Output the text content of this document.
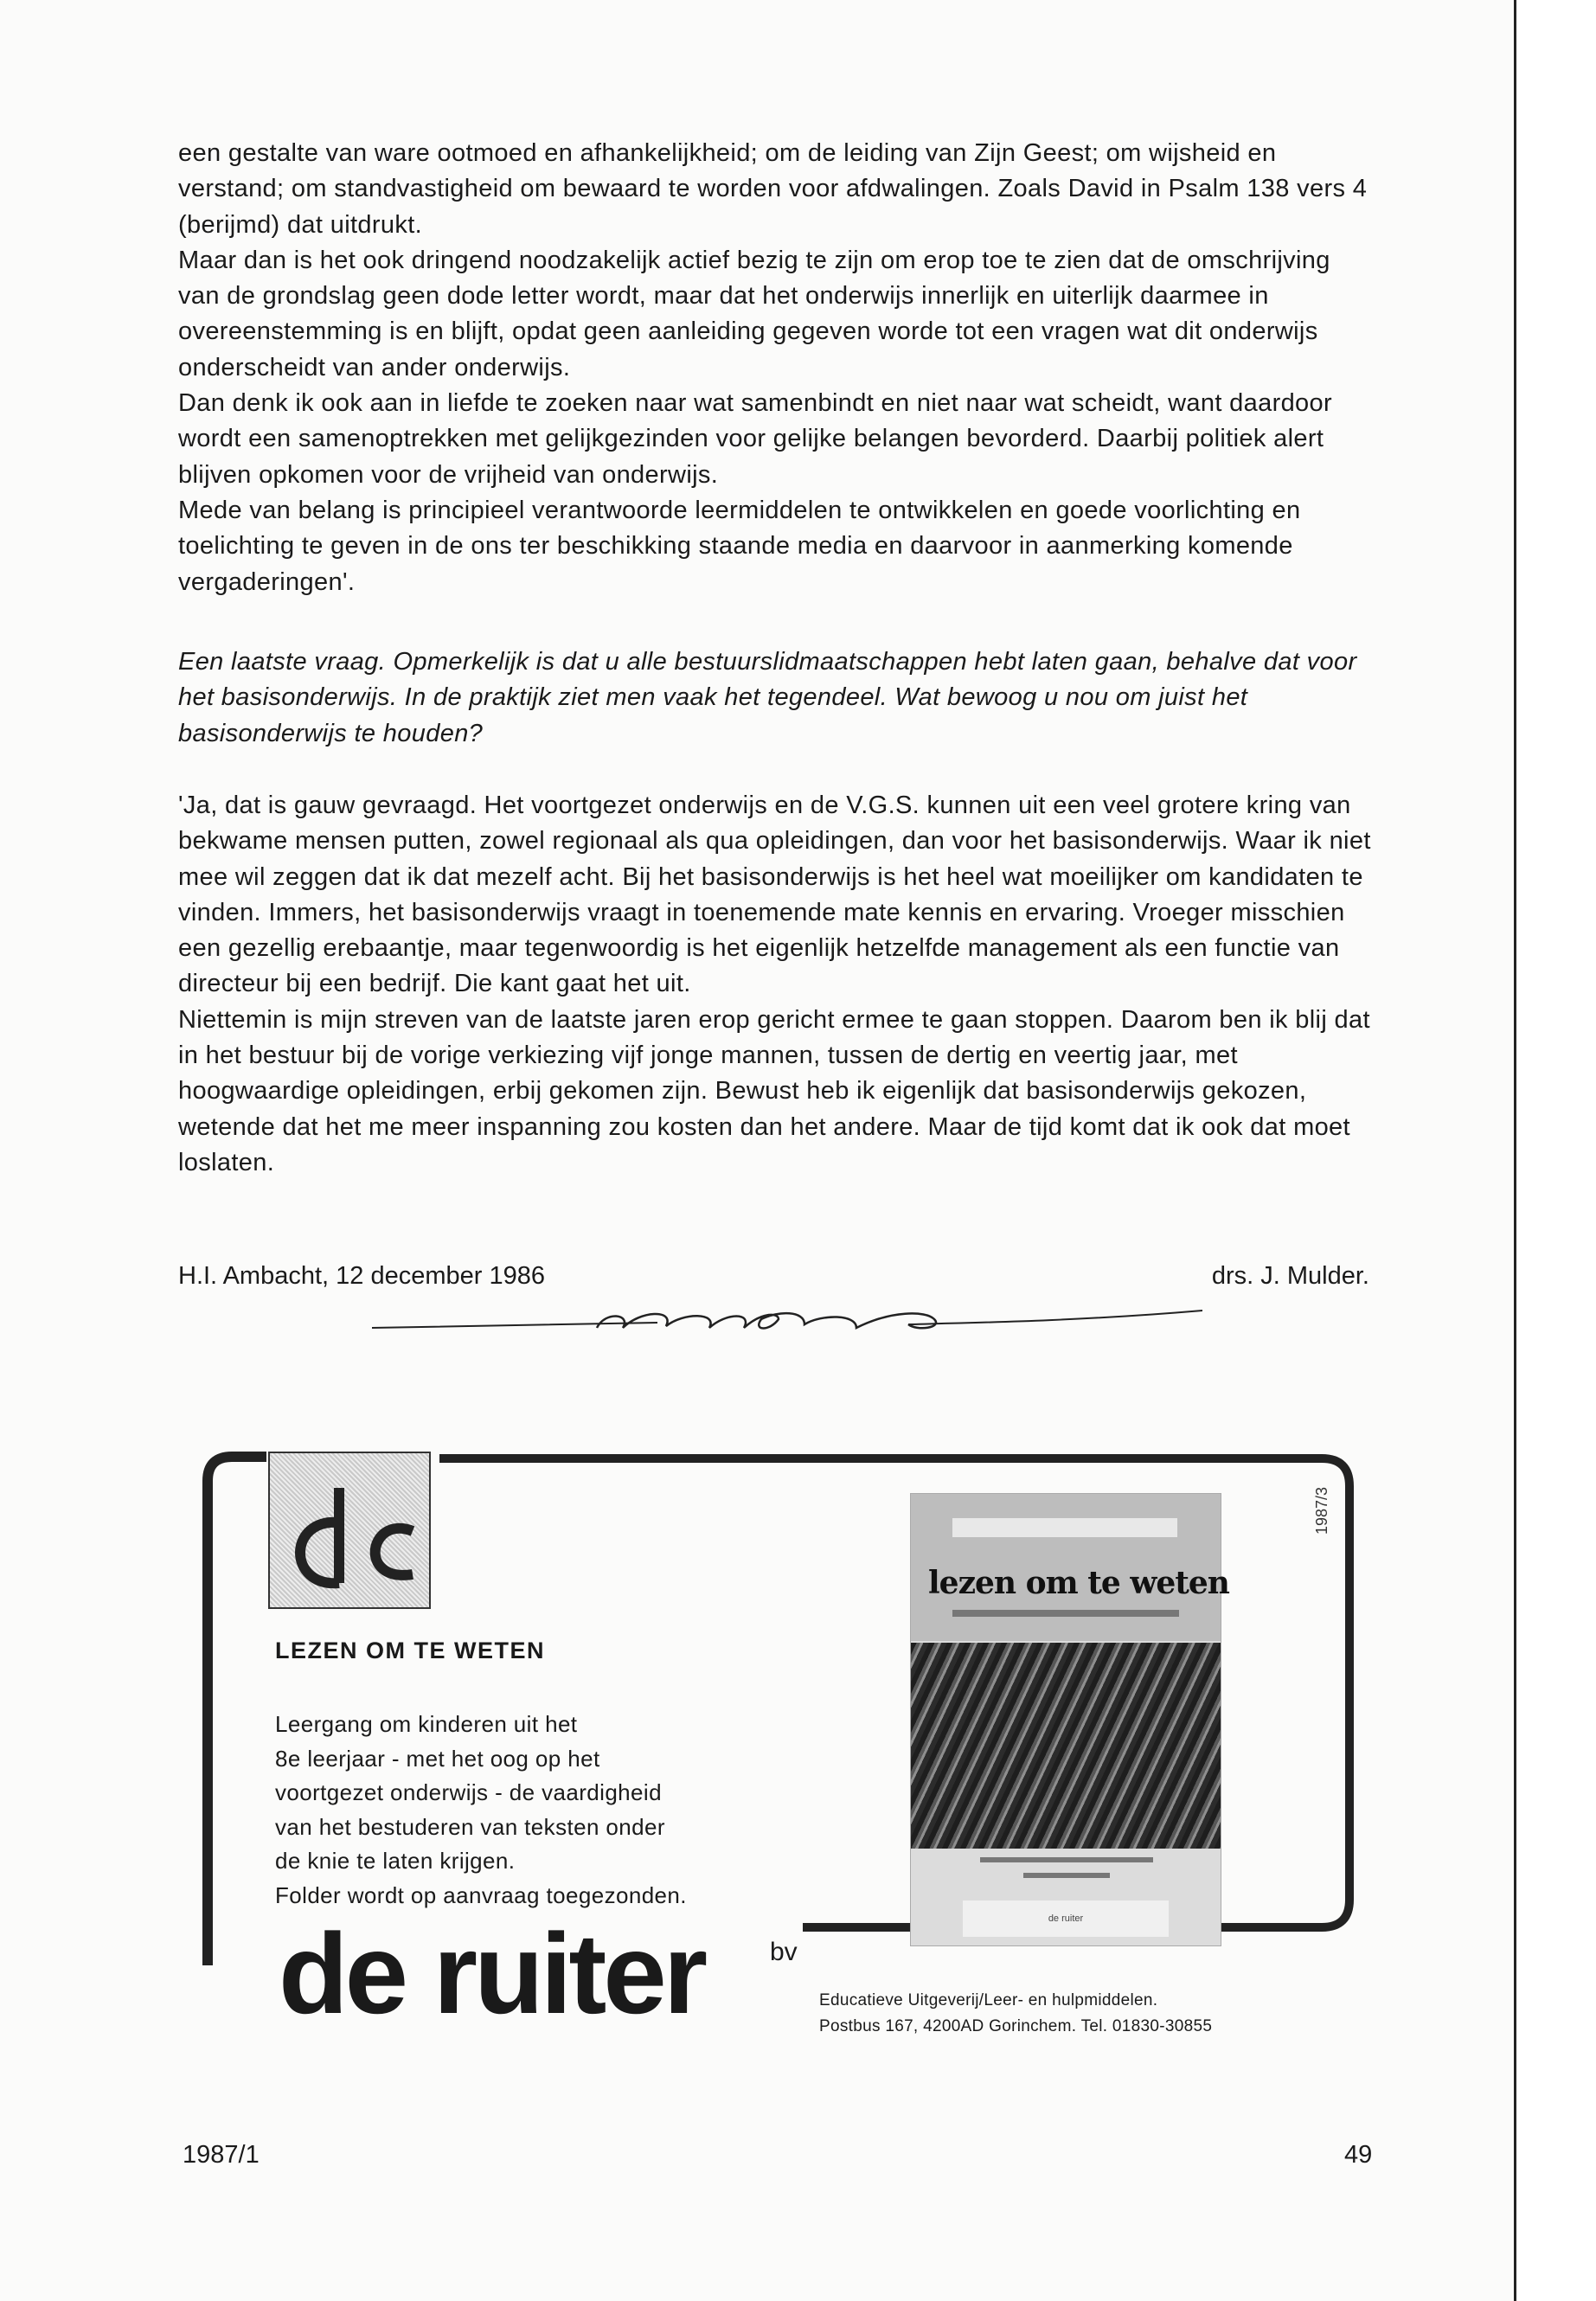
een gestalte van ware ootmoed en afhankelijkheid; om de leiding van Zijn Geest; om wijsheid en verstand; om standvastigheid om bewaard te worden voor afdwalingen. Zoals David in Psalm 138 vers 4 (berijmd) dat uitdrukt.
Maar dan is het ook dringend noodzakelijk actief bezig te zijn om erop toe te zien dat de omschrijving van de grondslag geen dode letter wordt, maar dat het onderwijs innerlijk en uiterlijk daarmee in overeenstemming is en blijft, opdat geen aanleiding gegeven worde tot een vragen wat dit onderwijs onderscheidt van ander onderwijs.
Dan denk ik ook aan in liefde te zoeken naar wat samenbindt en niet naar wat scheidt, want daardoor wordt een samenoptrekken met gelijkgezinden voor gelijke belangen bevorderd. Daarbij politiek alert blijven opkomen voor de vrijheid van onderwijs.
Mede van belang is principieel verantwoorde leermiddelen te ontwikkelen en goede voorlichting en toelichting te geven in de ons ter beschikking staande media en daarvoor in aanmerking komende vergaderingen'.

Een laatste vraag. Opmerkelijk is dat u alle bestuurslidmaatschappen hebt laten gaan, behalve dat voor het basisonderwijs. In de praktijk ziet men vaak het tegendeel. Wat bewoog u nou om juist het basisonderwijs te houden?

'Ja, dat is gauw gevraagd. Het voortgezet onderwijs en de V.G.S. kunnen uit een veel grotere kring van bekwame mensen putten, zowel regionaal als qua opleidingen, dan voor het basisonderwijs. Waar ik niet mee wil zeggen dat ik dat mezelf acht. Bij het basisonderwijs is het heel wat moeilijker om kandidaten te vinden. Immers, het basisonderwijs vraagt in toenemende mate kennis en ervaring. Vroeger misschien een gezellig erebaantje, maar tegenwoordig is het eigenlijk hetzelfde management als een functie van directeur bij een bedrijf. Die kant gaat het uit.
Niettemin is mijn streven van de laatste jaren erop gericht ermee te gaan stoppen. Daarom ben ik blij dat in het bestuur bij de vorige verkiezing vijf jonge mannen, tussen de dertig en veertig jaar, met hoogwaardige opleidingen, erbij gekomen zijn. Bewust heb ik eigenlijk dat basisonderwijs gekozen, wetende dat het me meer inspanning zou kosten dan het andere. Maar de tijd komt dat ik ook dat moet loslaten.

H.I. Ambacht, 12 december 1986	drs. J. Mulder.
LEZEN OM TE WETEN

Leergang om kinderen uit het
8e leerjaar - met het oog op het
voortgezet onderwijs - de vaardigheid
van het bestuderen van teksten onder
de knie te laten krijgen.
Folder wordt op aanvraag toegezonden.

lezen om te weten
de ruiter
1987/3
de ruiter	bv
Educatieve Uitgeverij/Leer- en hulpmiddelen.
Postbus 167, 4200AD Gorinchem. Tel. 01830-30855
1987/1	49
